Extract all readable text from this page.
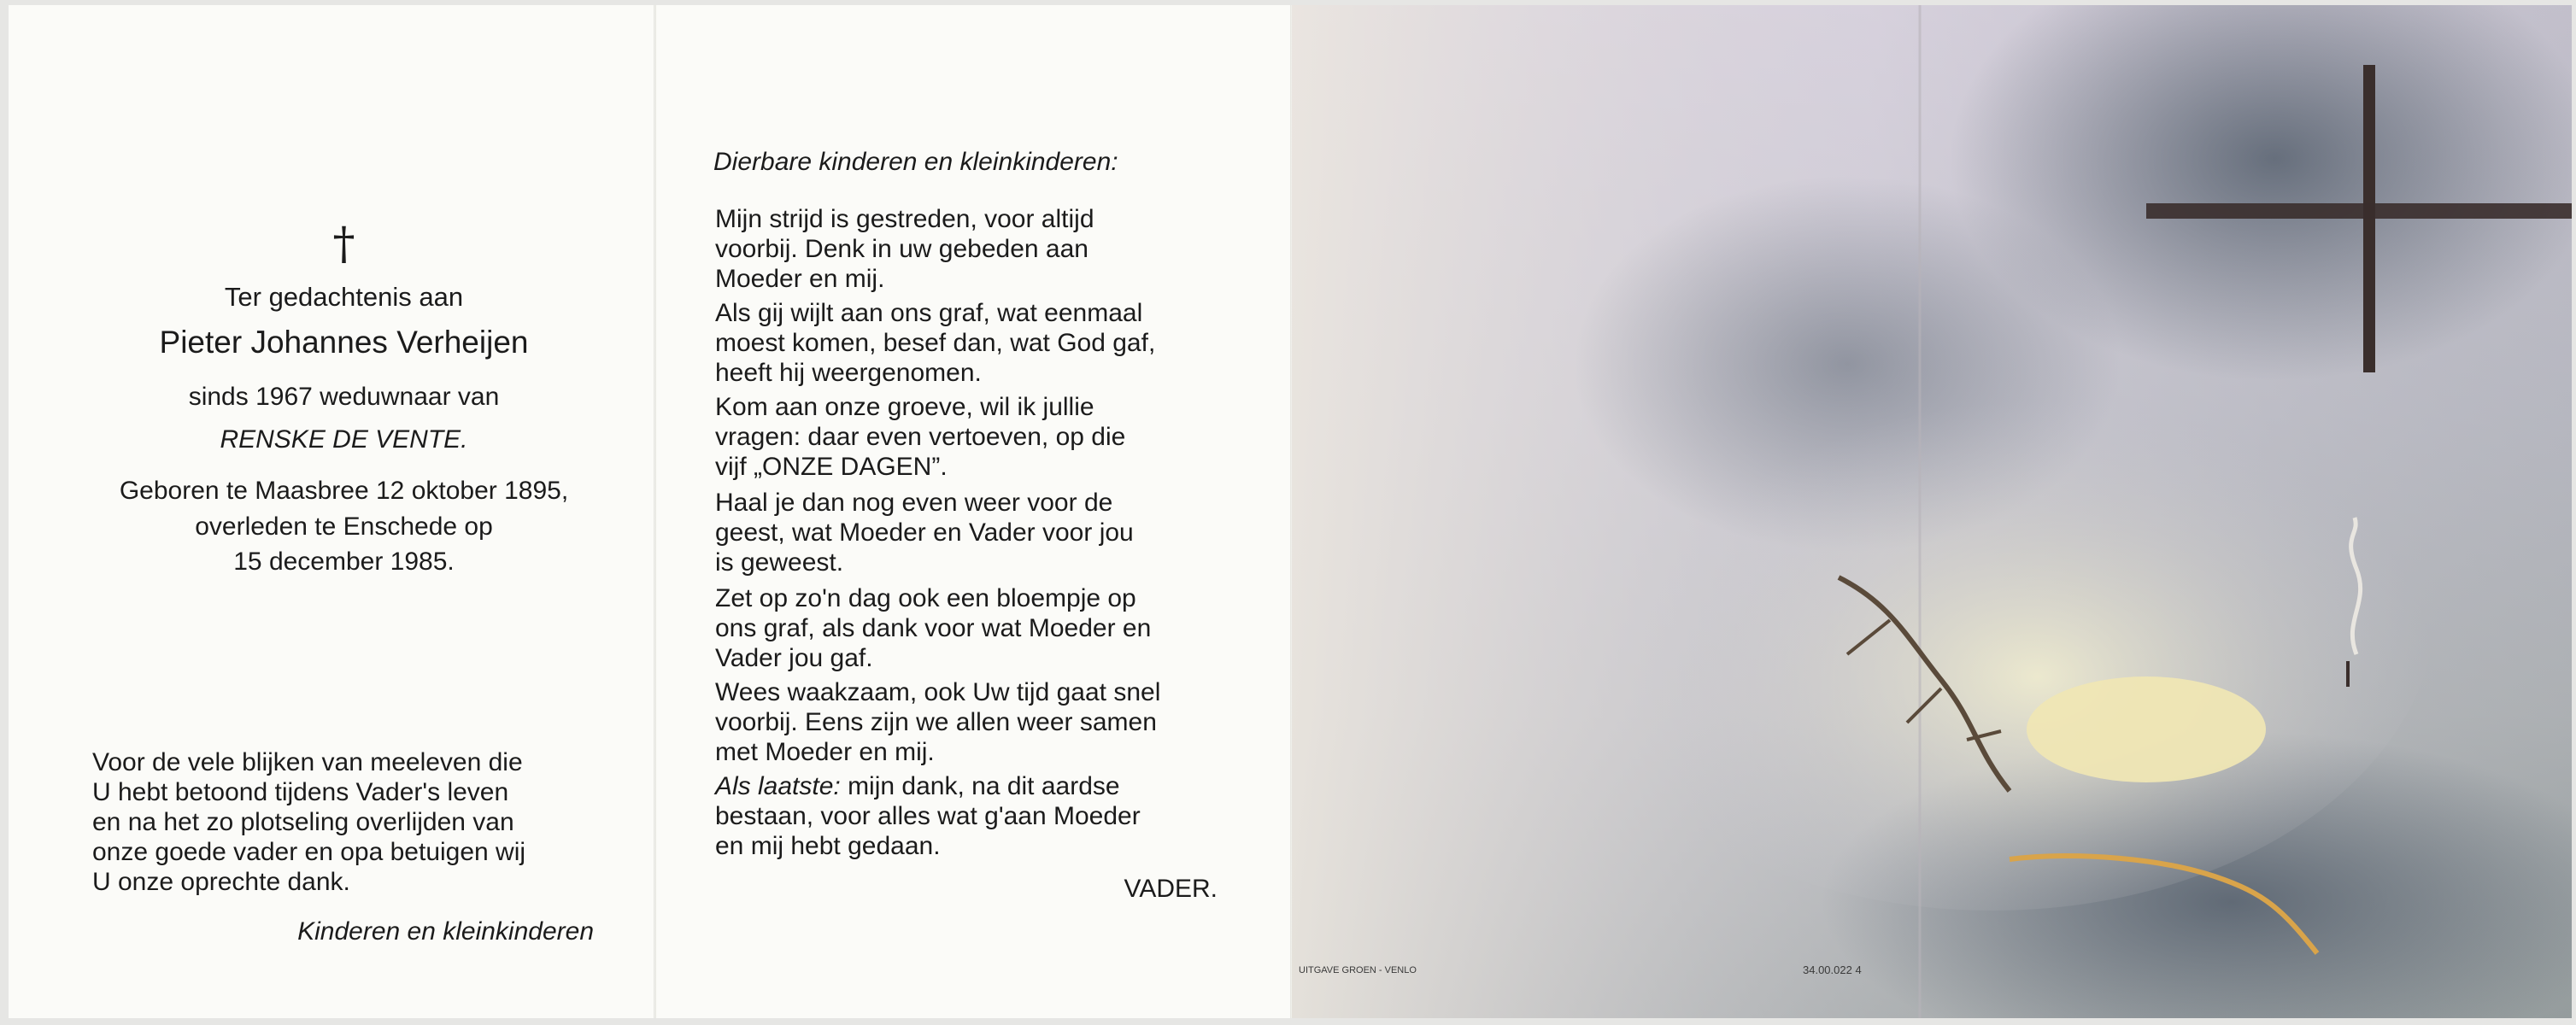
†
Ter gedachtenis aan
Pieter Johannes Verheijen
sinds 1967 weduwnaar van
RENSKE DE VENTE.
Geboren te Maasbree 12 oktober 1895,
overleden te Enschede op
15 december 1985.
Voor de vele blijken van meeleven die
U hebt betoond tijdens Vader's leven
en na het zo plotseling overlijden van
onze goede vader en opa betuigen wij
U onze oprechte dank.
Kinderen en kleinkinderen
Dierbare kinderen en kleinkinderen:
Mijn strijd is gestreden, voor altijd
voorbij. Denk in uw gebeden aan
Moeder en mij.
Als gij wijlt aan ons graf, wat eenmaal
moest komen, besef dan, wat God gaf,
heeft hij weergenomen.
Kom aan onze groeve, wil ik jullie
vragen: daar even vertoeven, op die
vijf „ONZE DAGEN”.
Haal je dan nog even weer voor de
geest, wat Moeder en Vader voor jou
is geweest.
Zet op zo'n dag ook een bloempje op
ons graf, als dank voor wat Moeder en
Vader jou gaf.
Wees waakzaam, ook Uw tijd gaat snel
voorbij. Eens zijn we allen weer samen
met Moeder en mij.
Als laatste: mijn dank, na dit aardse
bestaan, voor alles wat g'aan Moeder
en mij hebt gedaan.
VADER.
UITGAVE GROEN - VENLO	34.00.022 4
